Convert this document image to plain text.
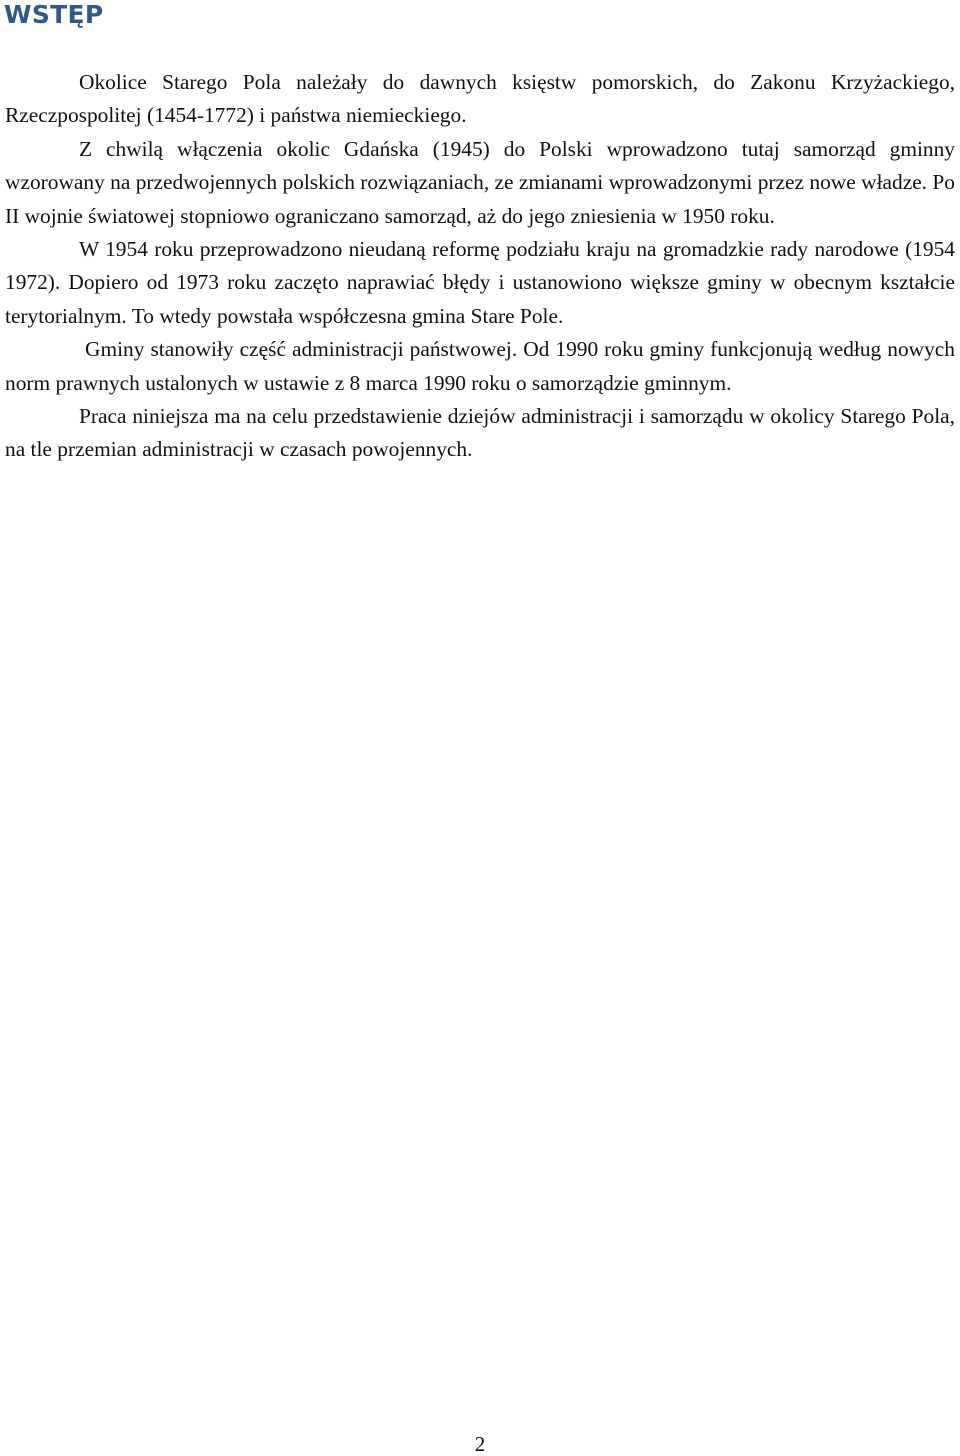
WSTĘP

Okolice Starego Pola należały do dawnych księstw pomorskich, do Zakonu Krzyżackiego, Rzeczpospolitej (1454-1772) i państwa niemieckiego.

Z chwilą włączenia okolic Gdańska (1945) do Polski wprowadzono tutaj samorząd gminny wzorowany na przedwojennych polskich rozwiązaniach, ze zmianami wprowadzonymi przez nowe władze. Po II wojnie światowej stopniowo ograniczano samorząd, aż do jego zniesienia w 1950 roku.

W 1954 roku przeprowadzono nieudaną reformę podziału kraju na gromadzkie rady narodowe (1954 1972). Dopiero od 1973 roku zaczęto naprawiać błędy i ustanowiono większe gminy w obecnym kształcie terytorialnym. To wtedy powstała współczesna gmina Stare Pole.

Gminy stanowiły część administracji państwowej. Od 1990 roku gminy funkcjonują według nowych norm prawnych ustalonych w ustawie z 8 marca 1990 roku o samorządzie gminnym.

Praca niniejsza ma na celu przedstawienie dziejów administracji i samorządu w okolicy Starego Pola, na tle przemian administracji w czasach powojennych.

2
